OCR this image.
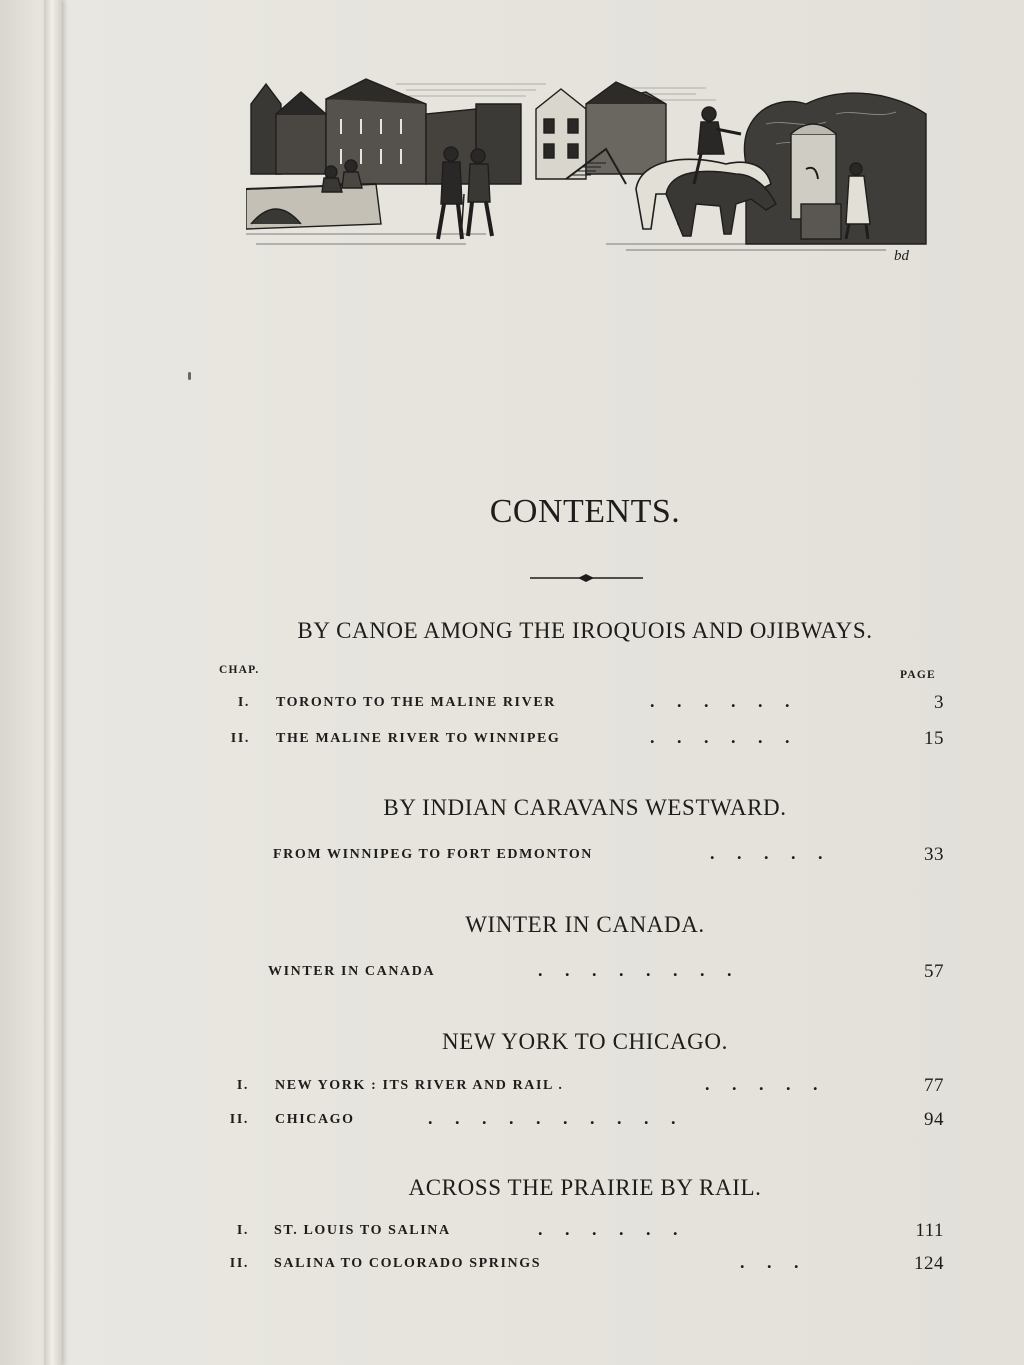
bd
CONTENTS.
BY CANOE AMONG THE IROQUOIS AND OJIBWAYS.
CHAP.	PAGE
I. TORONTO TO THE MALINE RIVER	.     .     .     .     .     .	3
II. THE MALINE RIVER TO WINNIPEG	.     .     .     .     .     .	15
BY INDIAN CARAVANS WESTWARD.
FROM WINNIPEG TO FORT EDMONTON	.     .     .     .     .	33
WINTER IN CANADA.
WINTER IN CANADA	.     .     .     .     .     .     .     .	57
NEW YORK TO CHICAGO.
I. NEW YORK : ITS RIVER AND RAIL .	.     .     .     .     .	77
II. CHICAGO	.     .     .     .     .     .     .     .     .     .	94
ACROSS THE PRAIRIE BY RAIL.
I. ST. LOUIS TO SALINA	.     .     .     .     .     .	111
II. SALINA TO COLORADO SPRINGS	.     .     .	124
